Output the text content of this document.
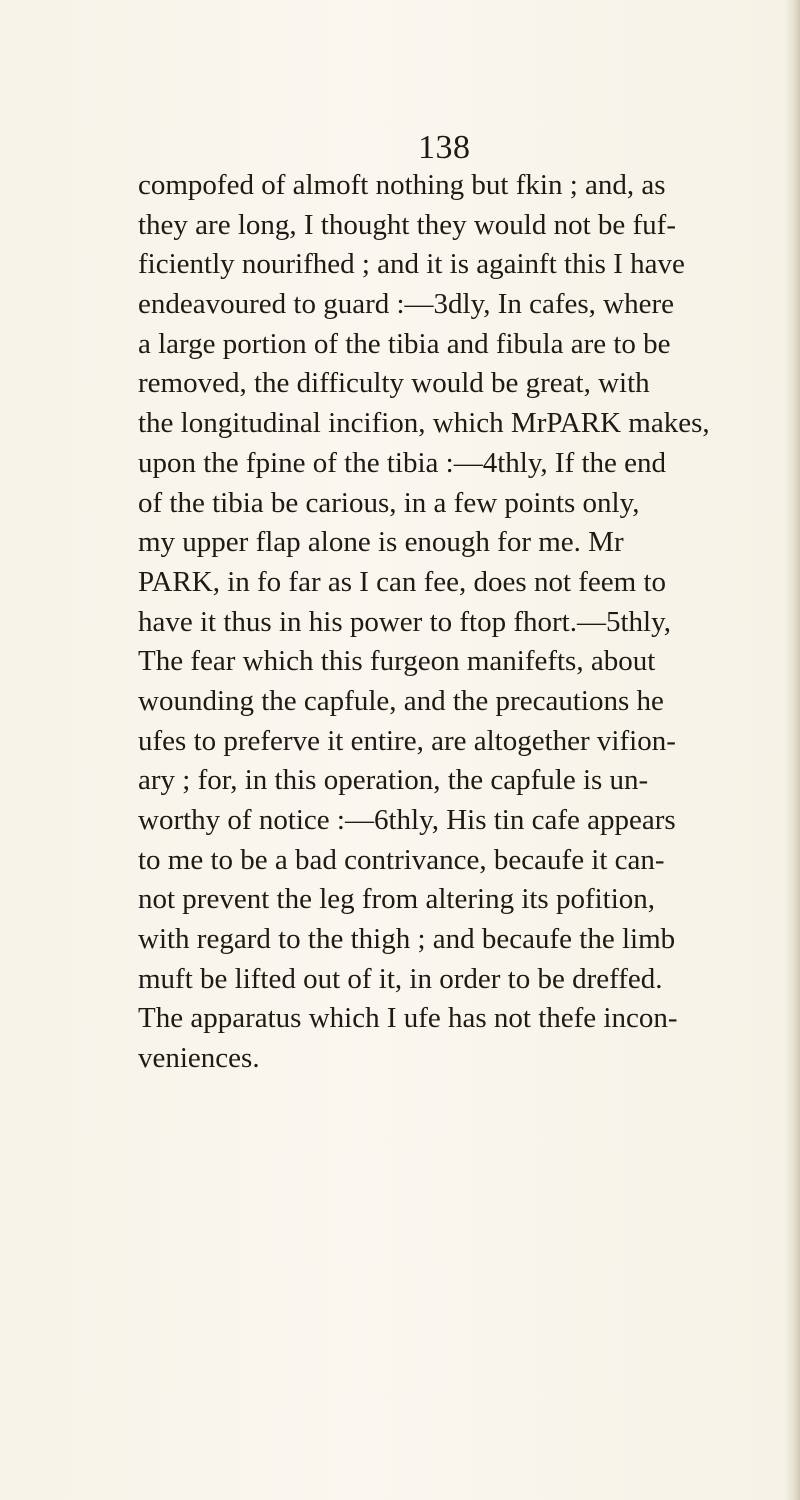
138
compofed of almoft nothing but fkin ; and, as
they are long, I thought they would not be fuf-
ficiently nourifhed ; and it is againft this I have
endeavoured to guard :—3dly, In cafes, where
a large portion of the tibia and fibula are to be
removed, the difficulty would be great, with
the longitudinal incifion, which MrPARK makes,
upon the fpine of the tibia :—4thly, If the end
of the tibia be carious, in a few points only,
my upper flap alone is enough for me. Mr
PARK, in fo far as I can fee, does not feem to
have it thus in his power to ftop fhort.—5thly,
The fear which this furgeon manifefts, about
wounding the capfule, and the precautions he
ufes to preferve it entire, are altogether vifion-
ary ; for, in this operation, the capfule is un-
worthy of notice :—6thly, His tin cafe appears
to me to be a bad contrivance, becaufe it can-
not prevent the leg from altering its pofition,
with regard to the thigh ; and becaufe the limb
muft be lifted out of it, in order to be dreffed.
The apparatus which I ufe has not thefe incon-
veniences.
